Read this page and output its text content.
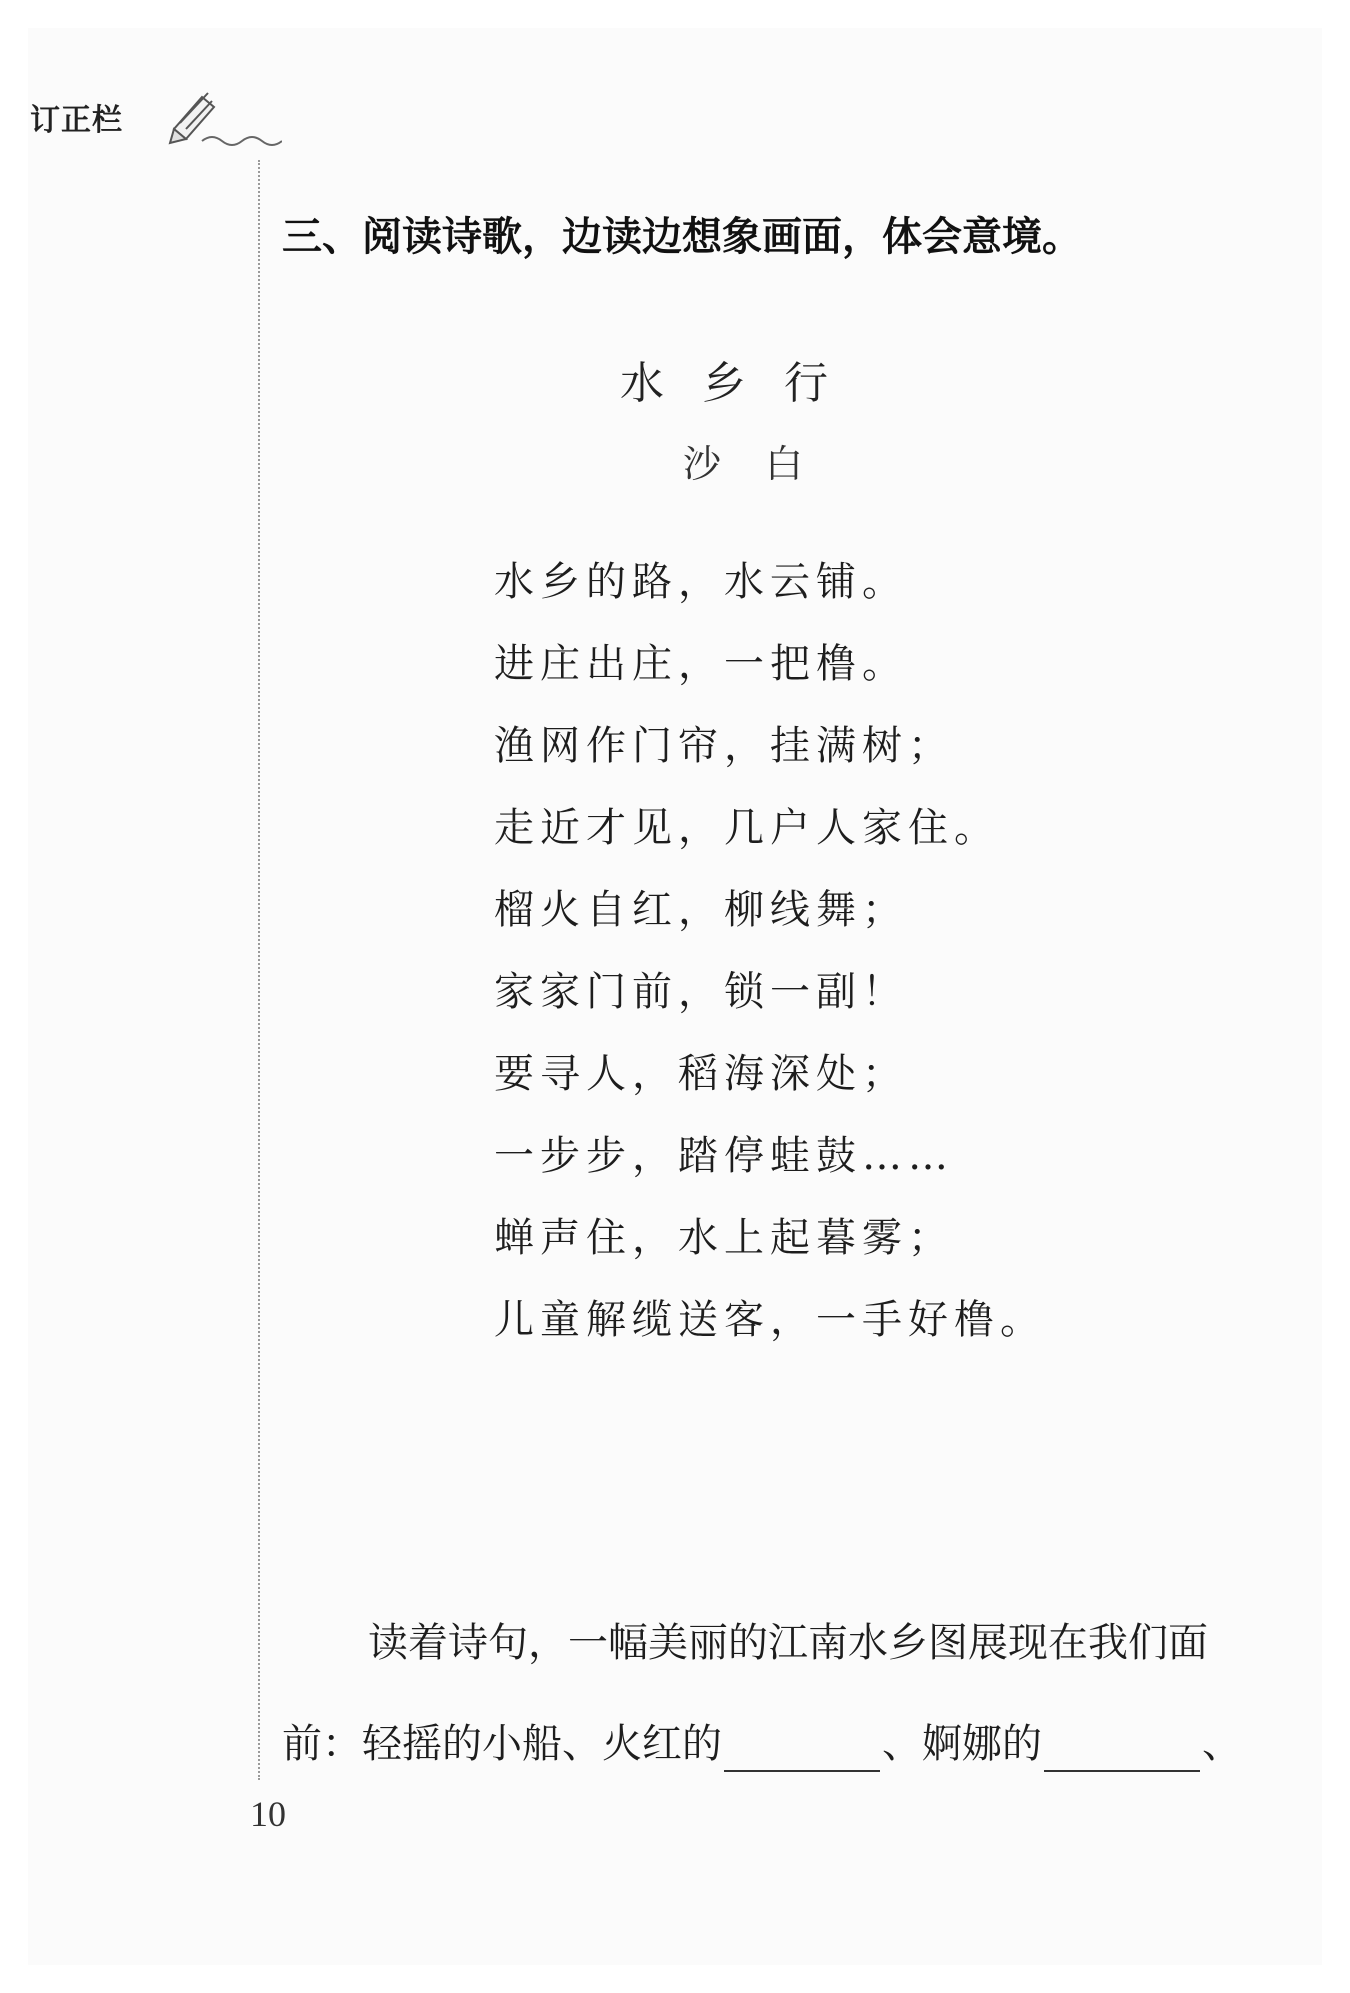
订正栏
三、阅读诗歌，边读边想象画面，体会意境。
水乡行
沙白
水乡的路，水云铺。
进庄出庄，一把橹。
渔网作门帘，挂满树；
走近才见，几户人家住。
榴火自红，柳线舞；
家家门前，锁一副！
要寻人，稻海深处；
一步步，踏停蛙鼓……
蝉声住，水上起暮雾；
儿童解缆送客，一手好橹。
读着诗句，一幅美丽的江南水乡图展现在我们面
前：轻摇的小船、火红的	、婀娜的	、
10
